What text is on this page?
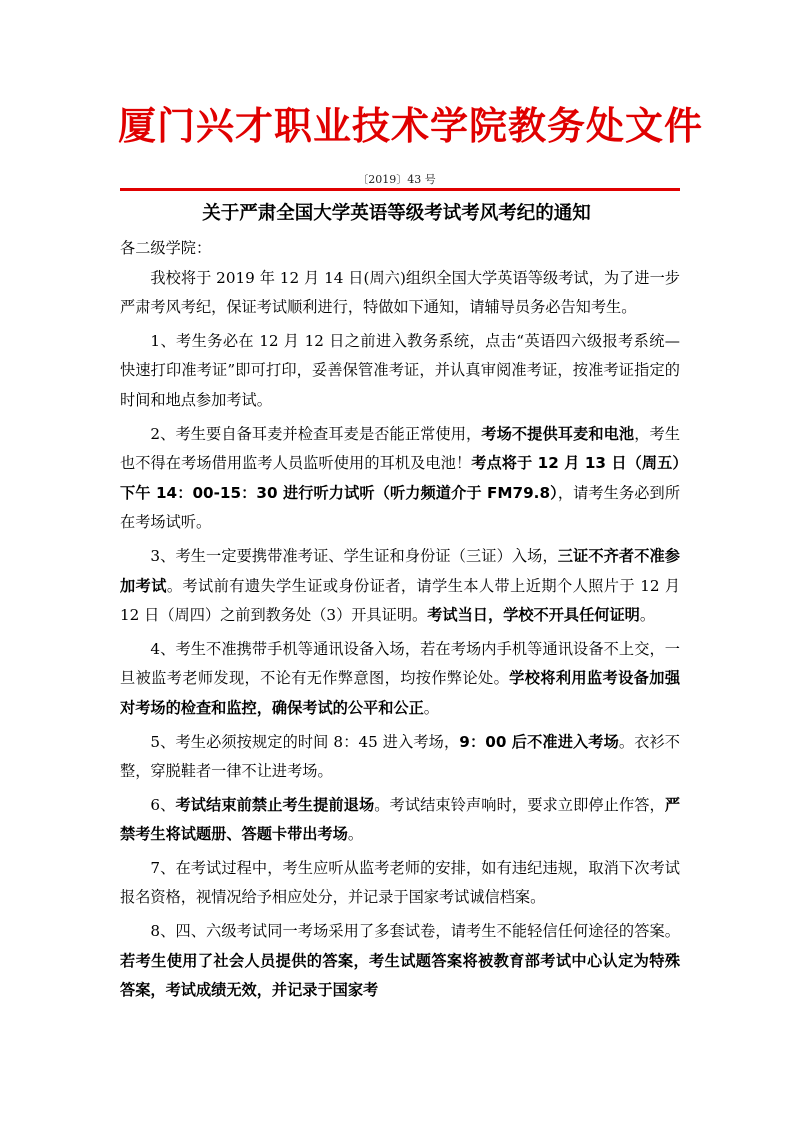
厦门兴才职业技术学院教务处文件
〔2019〕43 号
关于严肃全国大学英语等级考试考风考纪的通知

各二级学院：

我校将于 2019 年 12 月 14 日(周六)组织全国大学英语等级考试，为了进一步严肃考风考纪，保证考试顺利进行，特做如下通知，请辅导员务必告知考生。

1、考生务必在 12 月 12 日之前进入教务系统，点击“英语四六级报考系统—快速打印准考证”即可打印，妥善保管准考证，并认真审阅准考证，按准考证指定的时间和地点参加考试。

2、考生要自备耳麦并检查耳麦是否能正常使用，考场不提供耳麦和电池，考生也不得在考场借用监考人员监听使用的耳机及电池！考点将于 12 月 13 日（周五）下午 14：00-15：30 进行听力试听（听力频道介于 FM79.8），请考生务必到所在考场试听。

3、考生一定要携带准考证、学生证和身份证（三证）入场，三证不齐者不准参加考试。考试前有遗失学生证或身份证者，请学生本人带上近期个人照片于 12 月 12 日（周四）之前到教务处（3）开具证明。考试当日，学校不开具任何证明。

4、考生不准携带手机等通讯设备入场，若在考场内手机等通讯设备不上交，一旦被监考老师发现，不论有无作弊意图，均按作弊论处。学校将利用监考设备加强对考场的检查和监控，确保考试的公平和公正。

5、考生必须按规定的时间 8：45 进入考场，9：00 后不准进入考场。衣衫不整，穿脱鞋者一律不让进考场。

6、考试结束前禁止考生提前退场。考试结束铃声响时，要求立即停止作答，严禁考生将试题册、答题卡带出考场。

7、在考试过程中，考生应听从监考老师的安排，如有违纪违规，取消下次考试报名资格，视情况给予相应处分，并记录于国家考试诚信档案。

8、四、六级考试同一考场采用了多套试卷，请考生不能轻信任何途径的答案。若考生使用了社会人员提供的答案，考生试题答案将被教育部考试中心认定为特殊答案，考试成绩无效，并记录于国家考
